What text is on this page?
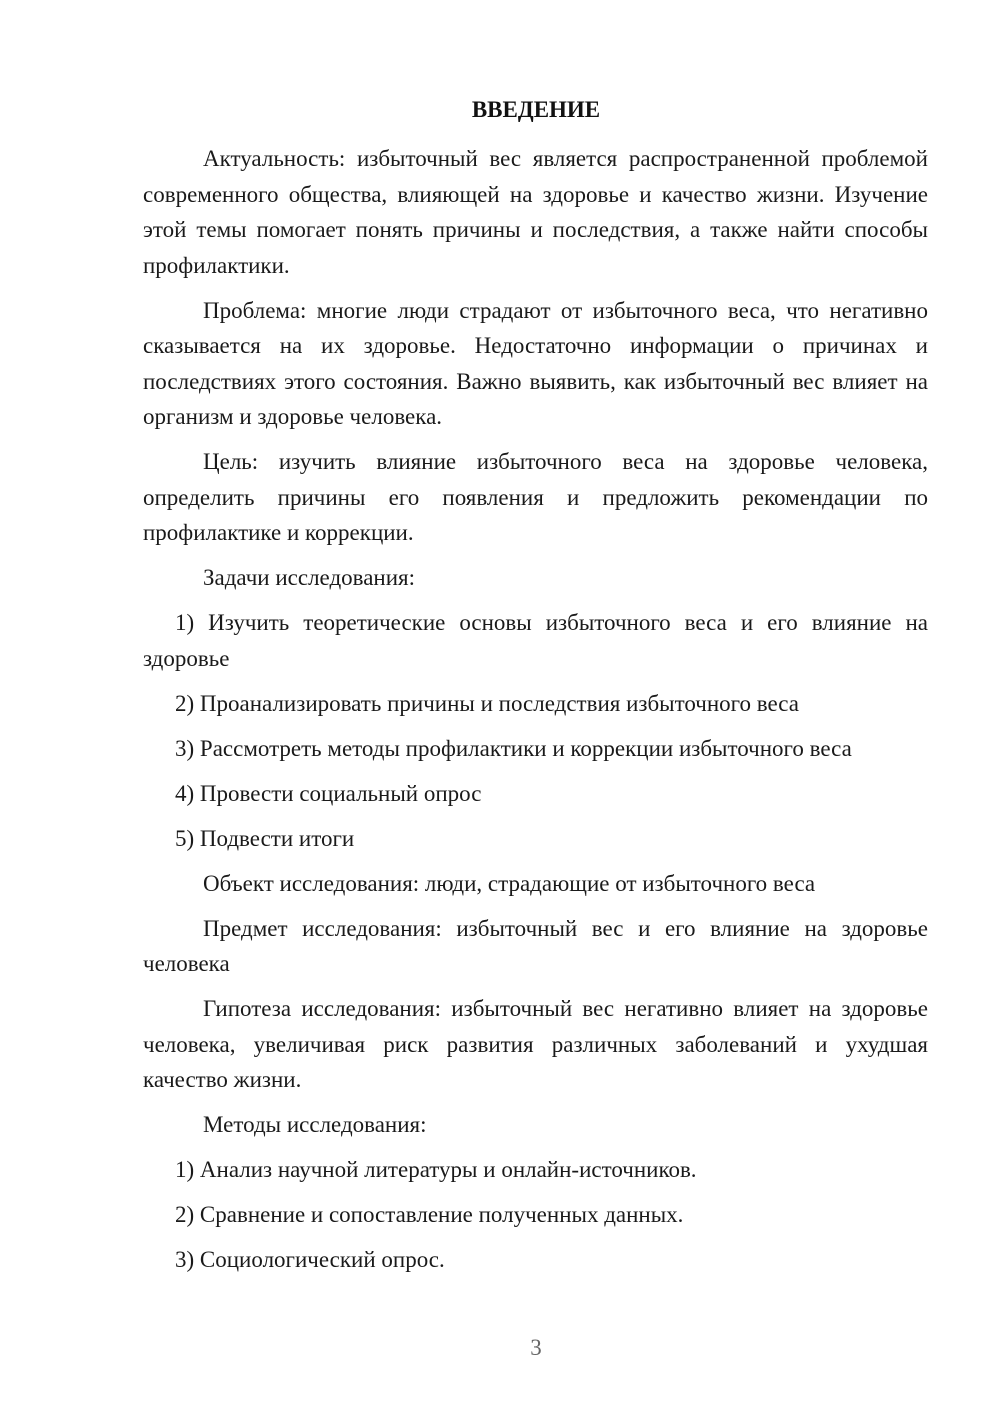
ВВЕДЕНИЕ

Актуальность: избыточный вес является распространенной проблемой современного общества, влияющей на здоровье и качество жизни. Изучение этой темы помогает понять причины и последствия, а также найти способы профилактики.

Проблема: многие люди страдают от избыточного веса, что негативно сказывается на их здоровье. Недостаточно информации о причинах и последствиях этого состояния. Важно выявить, как избыточный вес влияет на организм и здоровье человека.

Цель: изучить влияние избыточного веса на здоровье человека, определить причины его появления и предложить рекомендации по профилактике и коррекции.

Задачи исследования:

1) Изучить теоретические основы избыточного веса и его влияние на здоровье

2) Проанализировать причины и последствия избыточного веса

3) Рассмотреть методы профилактики и коррекции избыточного веса

4) Провести социальный опрос

5) Подвести итоги

Объект исследования: люди, страдающие от избыточного веса

Предмет исследования: избыточный вес и его влияние на здоровье человека

Гипотеза исследования: избыточный вес негативно влияет на здоровье человека, увеличивая риск развития различных заболеваний и ухудшая качество жизни.

Методы исследования:

1) Анализ научной литературы и онлайн-источников.

2) Сравнение и сопоставление полученных данных.

3) Социологический опрос.

3
